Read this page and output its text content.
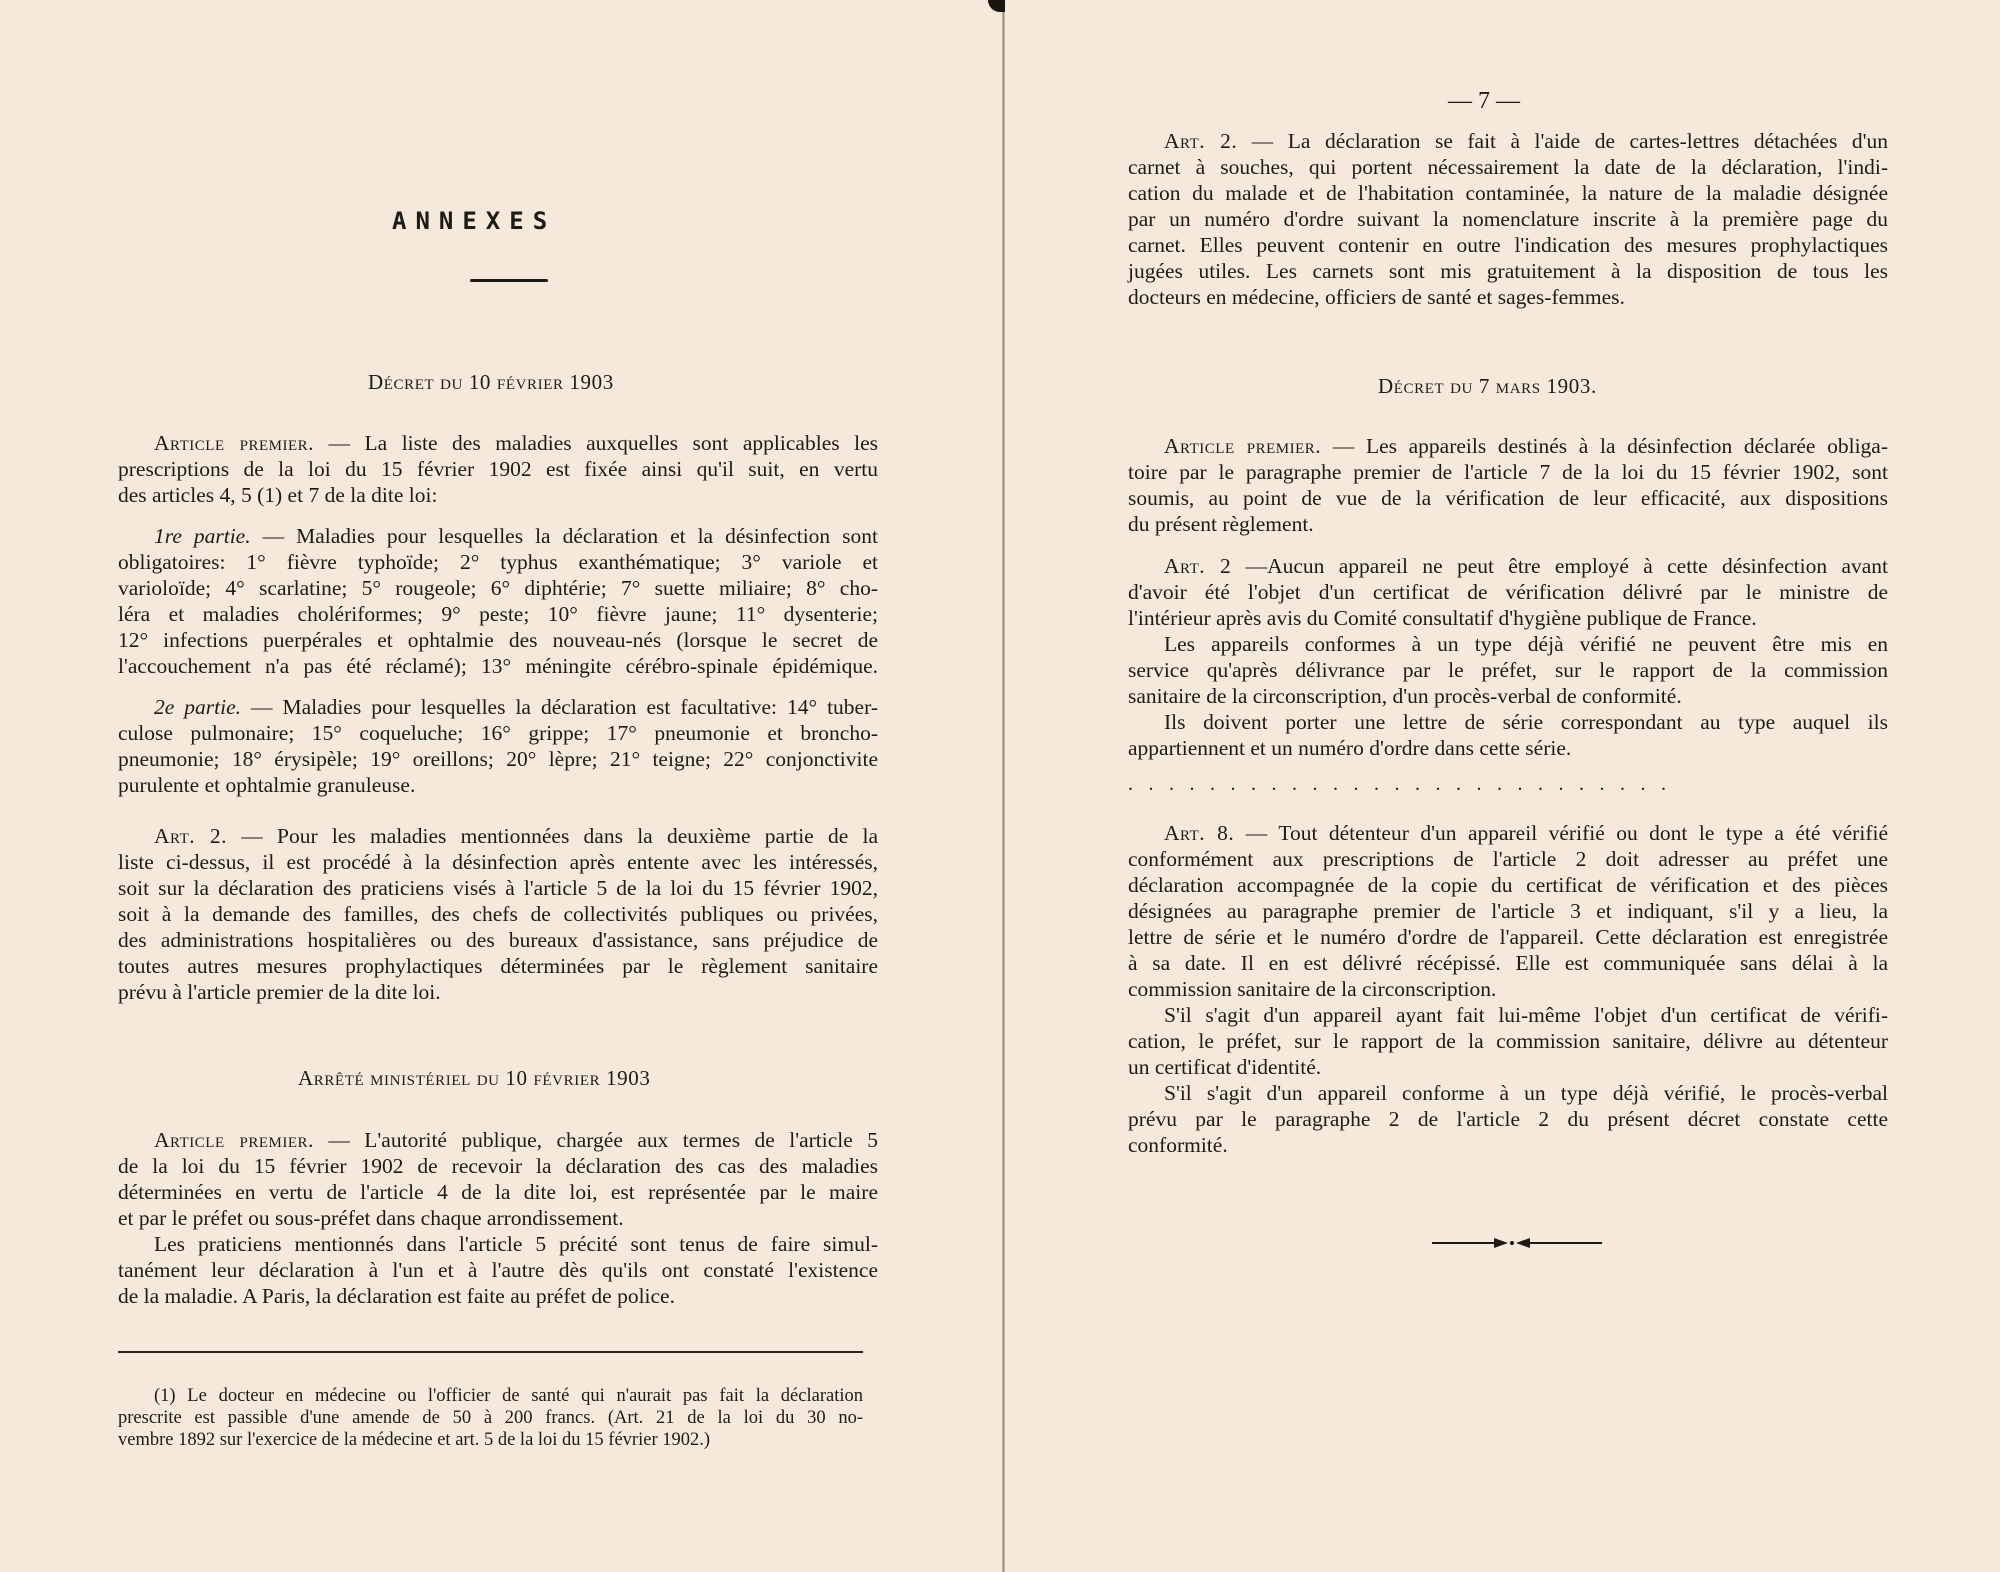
ANNEXES
Décret du 10 février 1903
Article premier. — La liste des maladies auxquelles sont applicables les
prescriptions de la loi du 15 février 1902 est fixée ainsi qu'il suit, en vertu
des articles 4, 5 (1) et 7 de la dite loi:
1re partie. — Maladies pour lesquelles la déclaration et la désinfection sont
obligatoires: 1° fièvre typhoïde; 2° typhus exanthématique; 3° variole et
varioloïde; 4° scarlatine; 5° rougeole; 6° diphtérie; 7° suette miliaire; 8° cho-
léra et maladies cholériformes; 9° peste; 10° fièvre jaune; 11° dysenterie;
12° infections puerpérales et ophtalmie des nouveau-nés (lorsque le secret de
l'accouchement n'a pas été réclamé); 13° méningite cérébro-spinale épidémique.
2e partie. — Maladies pour lesquelles la déclaration est facultative: 14° tuber-
culose pulmonaire; 15° coqueluche; 16° grippe; 17° pneumonie et broncho-
pneumonie; 18° érysipèle; 19° oreillons; 20° lèpre; 21° teigne; 22° conjonctivite
purulente et ophtalmie granuleuse.
Art. 2. — Pour les maladies mentionnées dans la deuxième partie de la
liste ci-dessus, il est procédé à la désinfection après entente avec les intéressés,
soit sur la déclaration des praticiens visés à l'article 5 de la loi du 15 février 1902,
soit à la demande des familles, des chefs de collectivités publiques ou privées,
des administrations hospitalières ou des bureaux d'assistance, sans préjudice de
toutes autres mesures prophylactiques déterminées par le règlement sanitaire
prévu à l'article premier de la dite loi.
Arrêté ministériel du 10 février 1903
Article premier. — L'autorité publique, chargée aux termes de l'article 5
de la loi du 15 février 1902 de recevoir la déclaration des cas des maladies
déterminées en vertu de l'article 4 de la dite loi, est représentée par le maire
et par le préfet ou sous-préfet dans chaque arrondissement.
Les praticiens mentionnés dans l'article 5 précité sont tenus de faire simul-
tanément leur déclaration à l'un et à l'autre dès qu'ils ont constaté l'existence
de la maladie. A Paris, la déclaration est faite au préfet de police.
(1) Le docteur en médecine ou l'officier de santé qui n'aurait pas fait la déclaration
prescrite est passible d'une amende de 50 à 200 francs. (Art. 21 de la loi du 30 no-
vembre 1892 sur l'exercice de la médecine et art. 5 de la loi du 15 février 1902.)
Art. 2. — La déclaration se fait à l'aide de cartes-lettres détachées d'un
carnet à souches, qui portent nécessairement la date de la déclaration, l'indi-
cation du malade et de l'habitation contaminée, la nature de la maladie désignée
par un numéro d'ordre suivant la nomenclature inscrite à la première page du
carnet. Elles peuvent contenir en outre l'indication des mesures prophylactiques
jugées utiles. Les carnets sont mis gratuitement à la disposition de tous les
docteurs en médecine, officiers de santé et sages-femmes.
Décret du 7 mars 1903.
Article premier. — Les appareils destinés à la désinfection déclarée obliga-
toire par le paragraphe premier de l'article 7 de la loi du 15 février 1902, sont
soumis, au point de vue de la vérification de leur efficacité, aux dispositions
du présent règlement.
Art. 2 —Aucun appareil ne peut être employé à cette désinfection avant
d'avoir été l'objet d'un certificat de vérification délivré par le ministre de
l'intérieur après avis du Comité consultatif d'hygiène publique de France.
Les appareils conformes à un type déjà vérifié ne peuvent être mis en
service qu'après délivrance par le préfet, sur le rapport de la commission
sanitaire de la circonscription, d'un procès-verbal de conformité.
Ils doivent porter une lettre de série correspondant au type auquel ils
appartiennent et un numéro d'ordre dans cette série.
...........................
Art. 8. — Tout détenteur d'un appareil vérifié ou dont le type a été vérifié
conformément aux prescriptions de l'article 2 doit adresser au préfet une
déclaration accompagnée de la copie du certificat de vérification et des pièces
désignées au paragraphe premier de l'article 3 et indiquant, s'il y a lieu, la
lettre de série et le numéro d'ordre de l'appareil. Cette déclaration est enregistrée
à sa date. Il en est délivré récépissé. Elle est communiquée sans délai à la
commission sanitaire de la circonscription.
S'il s'agit d'un appareil ayant fait lui-même l'objet d'un certificat de vérifi-
cation, le préfet, sur le rapport de la commission sanitaire, délivre au détenteur
un certificat d'identité.
S'il s'agit d'un appareil conforme à un type déjà vérifié, le procès-verbal
prévu par le paragraphe 2 de l'article 2 du présent décret constate cette
conformité.
— 7 —
